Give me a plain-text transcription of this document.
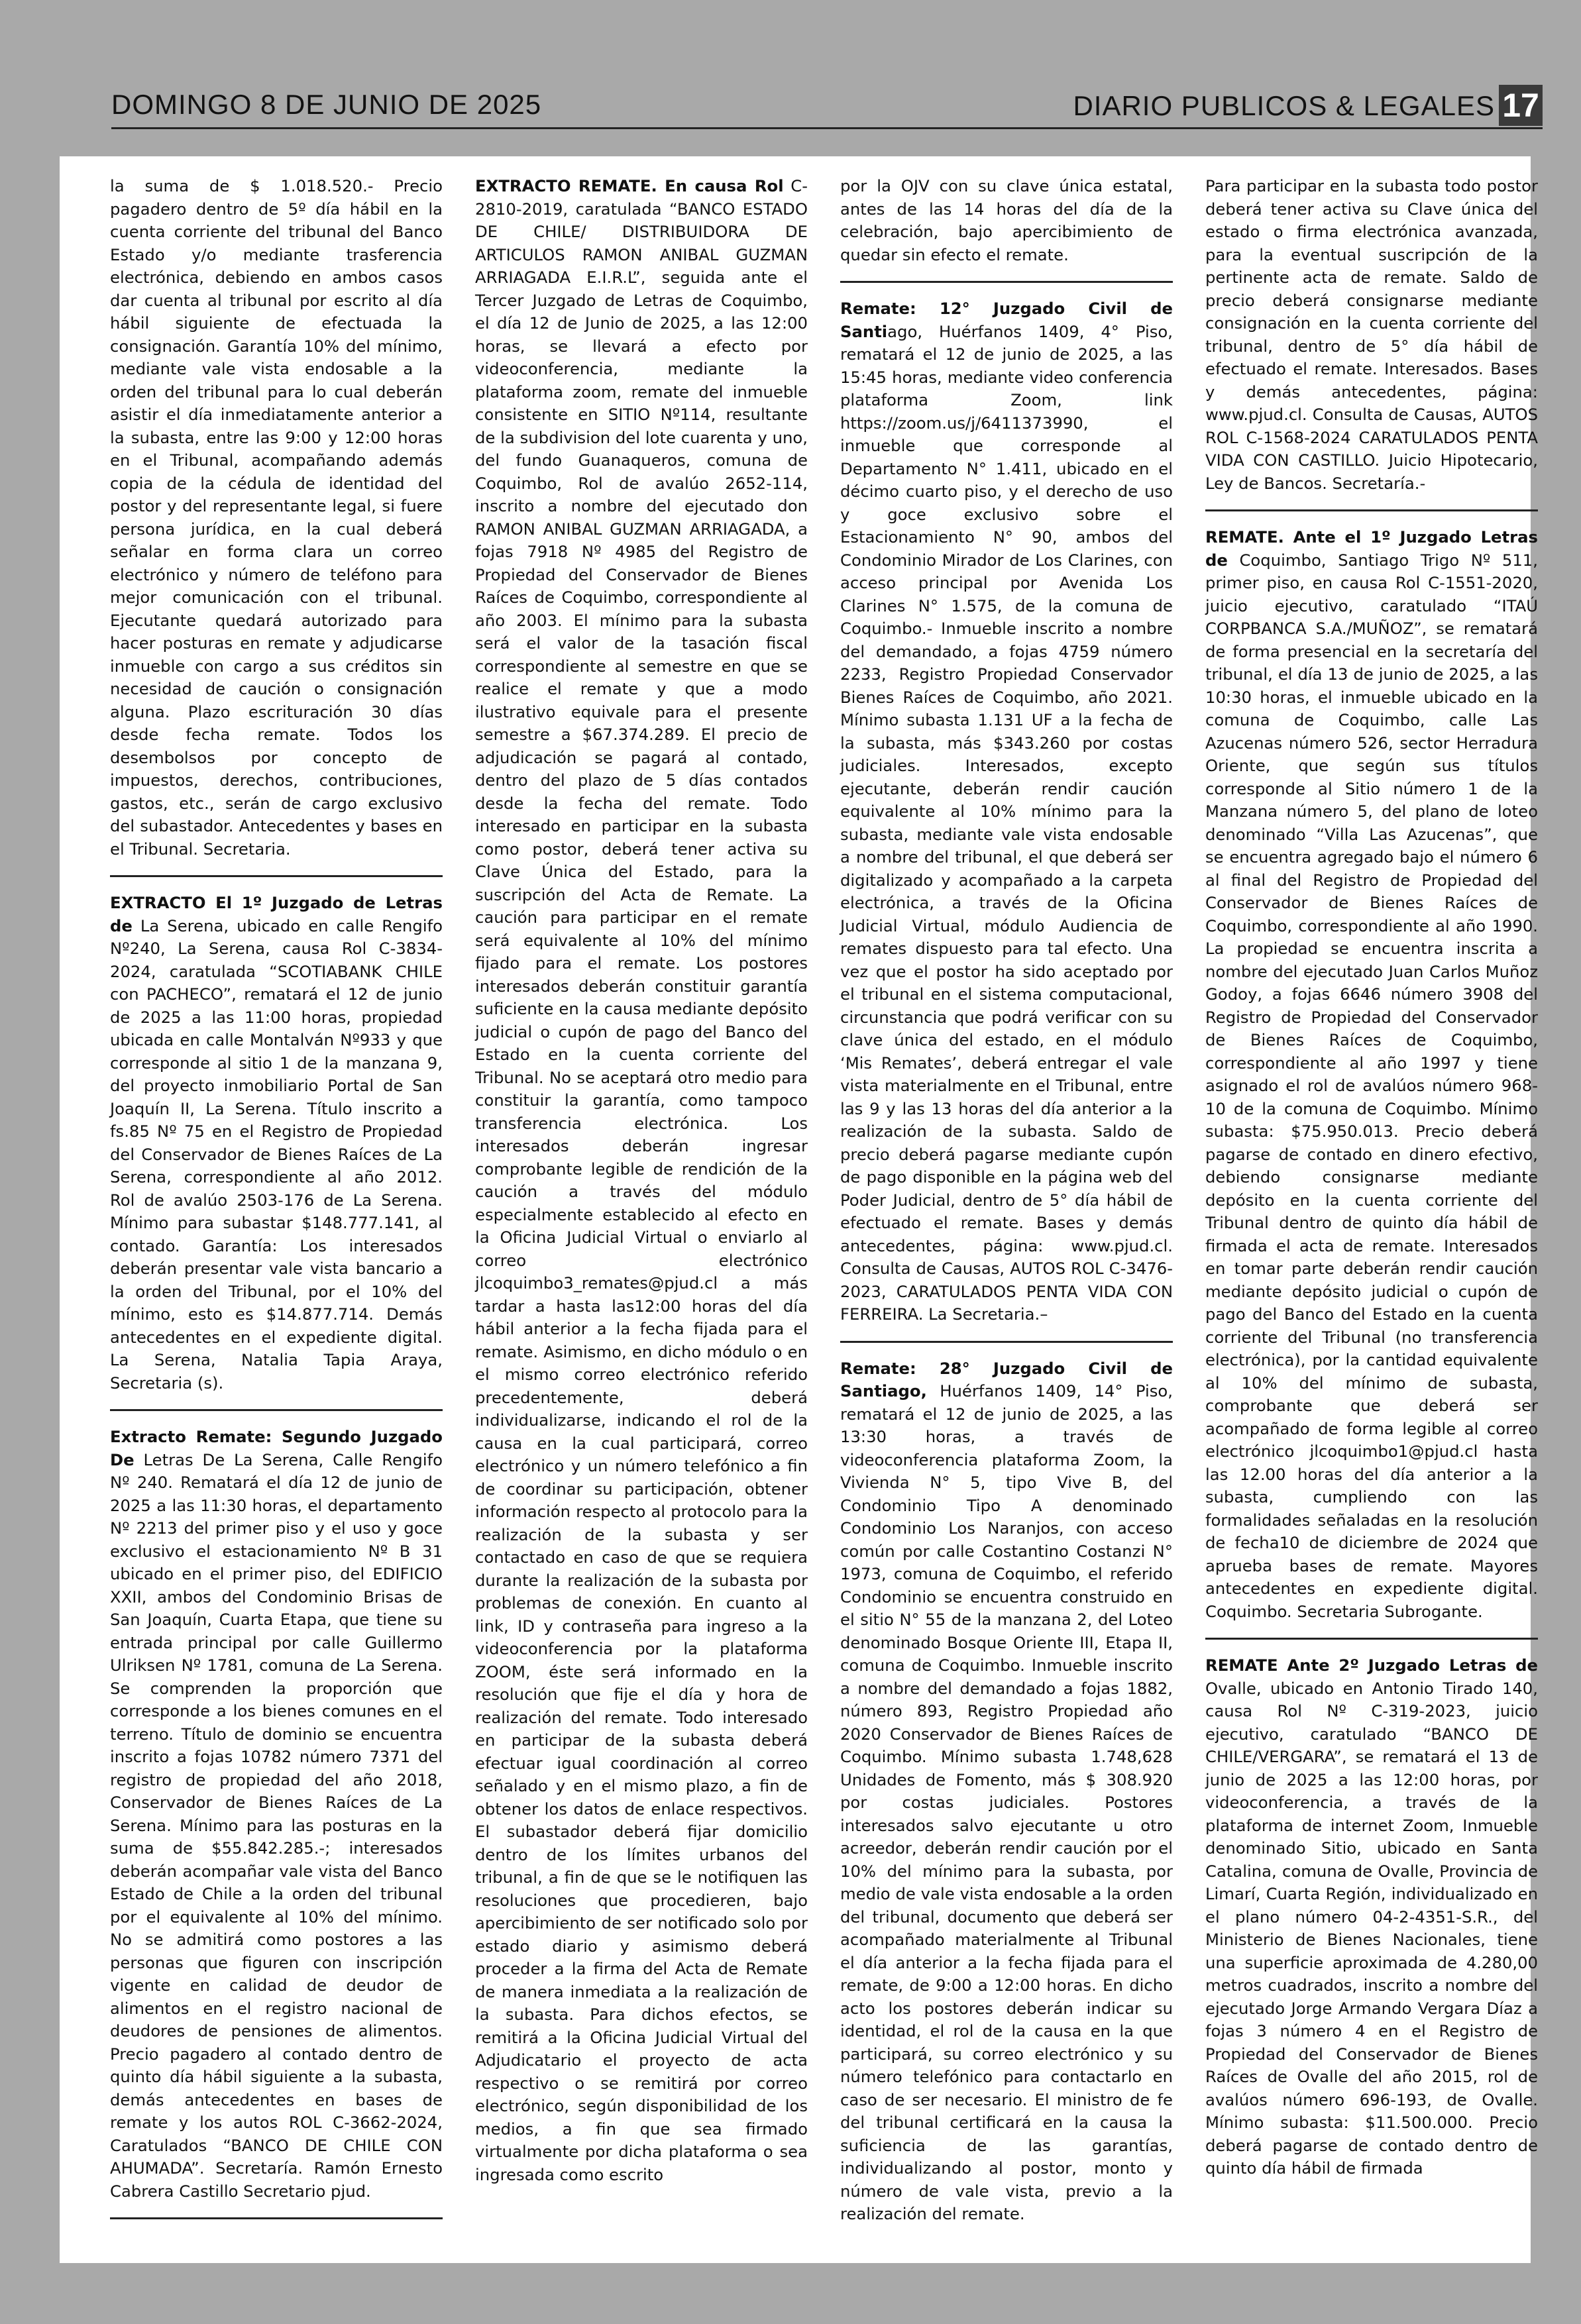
DOMINGO 8 DE JUNIO DE 2025	DIARIO PUBLICOS & LEGALES 17

la suma de $ 1.018.520.- Precio pagadero dentro de 5º día hábil en la cuenta corriente del tribunal del Banco Estado y/o mediante trasferencia electrónica, debiendo en ambos casos dar cuenta al tribunal por escrito al día hábil siguiente de efectuada la consignación. Garantía 10% del mínimo, mediante vale vista endosable a la orden del tribunal para lo cual deberán asistir el día inmediatamente anterior a la subasta, entre las 9:00 y 12:00 horas en el Tribunal, acompañando además copia de la cédula de identidad del postor y del representante legal, si fuere persona jurídica, en la cual deberá señalar en forma clara un correo electrónico y número de teléfono para mejor comunicación con el tribunal. Ejecutante quedará autorizado para hacer posturas en remate y adjudicarse inmueble con cargo a sus créditos sin necesidad de caución o consignación alguna. Plazo escrituración 30 días desde fecha remate. Todos los desembolsos por concepto de impuestos, derechos, contribuciones, gastos, etc., serán de cargo exclusivo del subastador. Antecedentes y bases en el Tribunal. Secretaria.

EXTRACTO El 1º Juzgado de Letras de La Serena, ubicado en calle Rengifo Nº240, La Serena, causa Rol C-3834-2024, caratulada “SCOTIABANK CHILE con PACHECO”, rematará el 12 de junio de 2025 a las 11:00 horas, propiedad ubicada en calle Montalván Nº933 y que corresponde al sitio 1 de la manzana 9, del proyecto inmobiliario Portal de San Joaquín II, La Serena. Título inscrito a fs.85 Nº 75 en el Registro de Propiedad del Conservador de Bienes Raíces de La Serena, correspondiente al año 2012. Rol de avalúo 2503-176 de La Serena. Mínimo para subastar $148.777.141, al contado. Garantía: Los interesados deberán presentar vale vista bancario a la orden del Tribunal, por el 10% del mínimo, esto es $14.877.714. Demás antecedentes en el expediente digital. La Serena, Natalia Tapia Araya, Secretaria (s).

Extracto Remate: Segundo Juzgado De Letras De La Serena, Calle Rengifo Nº 240. Rematará el día 12 de junio de 2025 a las 11:30 horas, el departamento Nº 2213 del primer piso y el uso y goce exclusivo el estacionamiento Nº B 31 ubicado en el primer piso, del EDIFICIO XXII, ambos del Condominio Brisas de San Joaquín, Cuarta Etapa, que tiene su entrada principal por calle Guillermo Ulriksen Nº 1781, comuna de La Serena. Se comprenden la proporción que corresponde a los bienes comunes en el terreno. Título de dominio se encuentra inscrito a fojas 10782 número 7371 del registro de propiedad del año 2018, Conservador de Bienes Raíces de La Serena. Mínimo para las posturas en la suma de $55.842.285.-; interesados deberán acompañar vale vista del Banco Estado de Chile a la orden del tribunal por el equivalente al 10% del mínimo. No se admitirá como postores a las personas que figuren con inscripción vigente en calidad de deudor de alimentos en el registro nacional de deudores de pensiones de alimentos. Precio pagadero al contado dentro de quinto día hábil siguiente a la subasta, demás antecedentes en bases de remate y los autos ROL C-3662-2024, Caratulados “BANCO DE CHILE CON AHUMADA”. Secretaría. Ramón Ernesto Cabrera Castillo Secretario pjud.

EXTRACTO REMATE. En causa Rol C-2810-2019, caratulada “BANCO ESTADO DE CHILE/ DISTRIBUIDORA DE ARTICULOS RAMON ANIBAL GUZMAN ARRIAGADA E.I.R.L”, seguida ante el Tercer Juzgado de Letras de Coquimbo, el día 12 de Junio de 2025, a las 12:00 horas, se llevará a efecto por videoconferencia, mediante la plataforma zoom, remate del inmueble consistente en SITIO Nº114, resultante de la subdivision del lote cuarenta y uno, del fundo Guanaqueros, comuna de Coquimbo, Rol de avalúo 2652-114, inscrito a nombre del ejecutado don RAMON ANIBAL GUZMAN ARRIAGADA, a fojas 7918 Nº 4985 del Registro de Propiedad del Conservador de Bienes Raíces de Coquimbo, correspondiente al año 2003. El mínimo para la subasta será el valor de la tasación fiscal correspondiente al semestre en que se realice el remate y que a modo ilustrativo equivale para el presente semestre a $67.374.289. El precio de adjudicación se pagará al contado, dentro del plazo de 5 días contados desde la fecha del remate. Todo interesado en participar en la subasta como postor, deberá tener activa su Clave Única del Estado, para la suscripción del Acta de Remate. La caución para participar en el remate será equivalente al 10% del mínimo fijado para el remate. Los postores interesados deberán constituir garantía suficiente en la causa mediante depósito judicial o cupón de pago del Banco del Estado en la cuenta corriente del Tribunal. No se aceptará otro medio para constituir la garantía, como tampoco transferencia electrónica. Los interesados deberán ingresar comprobante legible de rendición de la caución a través del módulo especialmente establecido al efecto en la Oficina Judicial Virtual o enviarlo al correo electrónico jlcoquimbo3_remates@pjud.cl a más tardar a hasta las12:00 horas del día hábil anterior a la fecha fijada para el remate. Asimismo, en dicho módulo o en el mismo correo electrónico referido precedentemente, deberá individualizarse, indicando el rol de la causa en la cual participará, correo electrónico y un número telefónico a fin de coordinar su participación, obtener información respecto al protocolo para la realización de la subasta y ser contactado en caso de que se requiera durante la realización de la subasta por problemas de conexión. En cuanto al link, ID y contraseña para ingreso a la videoconferencia por la plataforma ZOOM, éste será informado en la resolución que fije el día y hora de realización del remate. Todo interesado en participar de la subasta deberá efectuar igual coordinación al correo señalado y en el mismo plazo, a fin de obtener los datos de enlace respectivos. El subastador deberá fijar domicilio dentro de los límites urbanos del tribunal, a fin de que se le notifiquen las resoluciones que procedieren, bajo apercibimiento de ser notificado solo por estado diario y asimismo deberá proceder a la firma del Acta de Remate de manera inmediata a la realización de la subasta. Para dichos efectos, se remitirá a la Oficina Judicial Virtual del Adjudicatario el proyecto de acta respectivo o se remitirá por correo electrónico, según disponibilidad de los medios, a fin que sea firmado virtualmente por dicha plataforma o sea ingresada como escrito

por la OJV con su clave única estatal, antes de las 14 horas del día de la celebración, bajo apercibimiento de quedar sin efecto el remate.

Remate: 12° Juzgado Civil de Santiago, Huérfanos 1409, 4° Piso, rematará el 12 de junio de 2025, a las 15:45 horas, mediante video conferencia plataforma Zoom, link https://zoom.us/j/6411373990, el inmueble que corresponde al Departamento N° 1.411, ubicado en el décimo cuarto piso, y el derecho de uso y goce exclusivo sobre el Estacionamiento N° 90, ambos del Condominio Mirador de Los Clarines, con acceso principal por Avenida Los Clarines N° 1.575, de la comuna de Coquimbo.- Inmueble inscrito a nombre del demandado, a fojas 4759 número 2233, Registro Propiedad Conservador Bienes Raíces de Coquimbo, año 2021. Mínimo subasta 1.131 UF a la fecha de la subasta, más $343.260 por costas judiciales. Interesados, excepto ejecutante, deberán rendir caución equivalente al 10% mínimo para la subasta, mediante vale vista endosable a nombre del tribunal, el que deberá ser digitalizado y acompañado a la carpeta electrónica, a través de la Oficina Judicial Virtual, módulo Audiencia de remates dispuesto para tal efecto. Una vez que el postor ha sido aceptado por el tribunal en el sistema computacional, circunstancia que podrá verificar con su clave única del estado, en el módulo ‘Mis Remates’, deberá entregar el vale vista materialmente en el Tribunal, entre las 9 y las 13 horas del día anterior a la realización de la subasta. Saldo de precio deberá pagarse mediante cupón de pago disponible en la página web del Poder Judicial, dentro de 5° día hábil de efectuado el remate. Bases y demás antecedentes, página: www.pjud.cl. Consulta de Causas, AUTOS ROL C-3476-2023, CARATULADOS PENTA VIDA CON FERREIRA. La Secretaria.–

Remate: 28° Juzgado Civil de Santiago, Huérfanos 1409, 14° Piso, rematará el 12 de junio de 2025, a las 13:30 horas, a través de videoconferencia plataforma Zoom, la Vivienda N° 5, tipo Vive B, del Condominio Tipo A denominado Condominio Los Naranjos, con acceso común por calle Costantino Costanzi N° 1973, comuna de Coquimbo, el referido Condominio se encuentra construido en el sitio N° 55 de la manzana 2, del Loteo denominado Bosque Oriente III, Etapa II, comuna de Coquimbo. Inmueble inscrito a nombre del demandado a fojas 1882, número 893, Registro Propiedad año 2020 Conservador de Bienes Raíces de Coquimbo. Mínimo subasta 1.748,628 Unidades de Fomento, más $ 308.920 por costas judiciales. Postores interesados salvo ejecutante u otro acreedor, deberán rendir caución por el 10% del mínimo para la subasta, por medio de vale vista endosable a la orden del tribunal, documento que deberá ser acompañado materialmente al Tribunal el día anterior a la fecha fijada para el remate, de 9:00 a 12:00 horas. En dicho acto los postores deberán indicar su identidad, el rol de la causa en la que participará, su correo electrónico y su número telefónico para contactarlo en caso de ser necesario. El ministro de fe del tribunal certificará en la causa la suficiencia de las garantías, individualizando al postor, monto y número de vale vista, previo a la realización del remate.

Para participar en la subasta todo postor deberá tener activa su Clave única del estado o firma electrónica avanzada, para la eventual suscripción de la pertinente acta de remate. Saldo de precio deberá consignarse mediante consignación en la cuenta corriente del tribunal, dentro de 5° día hábil de efectuado el remate. Interesados. Bases y demás antecedentes, página: www.pjud.cl. Consulta de Causas, AUTOS ROL C-1568-2024 CARATULADOS PENTA VIDA CON CASTILLO. Juicio Hipotecario, Ley de Bancos. Secretaría.-

REMATE. Ante el 1º Juzgado Letras de Coquimbo, Santiago Trigo Nº 511, primer piso, en causa Rol C-1551-2020, juicio ejecutivo, caratulado “ITAÚ CORPBANCA S.A./MUÑOZ”, se rematará de forma presencial en la secretaría del tribunal, el día 13 de junio de 2025, a las 10:30 horas, el inmueble ubicado en la comuna de Coquimbo, calle Las Azucenas número 526, sector Herradura Oriente, que según sus títulos corresponde al Sitio número 1 de la Manzana número 5, del plano de loteo denominado “Villa Las Azucenas”, que se encuentra agregado bajo el número 6 al final del Registro de Propiedad del Conservador de Bienes Raíces de Coquimbo, correspondiente al año 1990. La propiedad se encuentra inscrita a nombre del ejecutado Juan Carlos Muñoz Godoy, a fojas 6646 número 3908 del Registro de Propiedad del Conservador de Bienes Raíces de Coquimbo, correspondiente al año 1997 y tiene asignado el rol de avalúos número 968-10 de la comuna de Coquimbo. Mínimo subasta: $75.950.013. Precio deberá pagarse de contado en dinero efectivo, debiendo consignarse mediante depósito en la cuenta corriente del Tribunal dentro de quinto día hábil de firmada el acta de remate. Interesados en tomar parte deberán rendir caución mediante depósito judicial o cupón de pago del Banco del Estado en la cuenta corriente del Tribunal (no transferencia electrónica), por la cantidad equivalente al 10% del mínimo de subasta, comprobante que deberá ser acompañado de forma legible al correo electrónico jlcoquimbo1@pjud.cl hasta las 12.00 horas del día anterior a la subasta, cumpliendo con las formalidades señaladas en la resolución de fecha10 de diciembre de 2024 que aprueba bases de remate. Mayores antecedentes en expediente digital. Coquimbo. Secretaria Subrogante.

REMATE Ante 2º Juzgado Letras de Ovalle, ubicado en Antonio Tirado 140, causa Rol Nº C-319-2023, juicio ejecutivo, caratulado “BANCO DE CHILE/VERGARA”, se rematará el 13 de junio de 2025 a las 12:00 horas, por videoconferencia, a través de la plataforma de internet Zoom, Inmueble denominado Sitio, ubicado en Santa Catalina, comuna de Ovalle, Provincia de Limarí, Cuarta Región, individualizado en el plano número 04-2-4351-S.R., del Ministerio de Bienes Nacionales, tiene una superficie aproximada de 4.280,00 metros cuadrados, inscrito a nombre del ejecutado Jorge Armando Vergara Díaz a fojas 3 número 4 en el Registro de Propiedad del Conservador de Bienes Raíces de Ovalle del año 2015, rol de avalúos número 696-193, de Ovalle. Mínimo subasta: $11.500.000. Precio deberá pagarse de contado dentro de quinto día hábil de firmada
